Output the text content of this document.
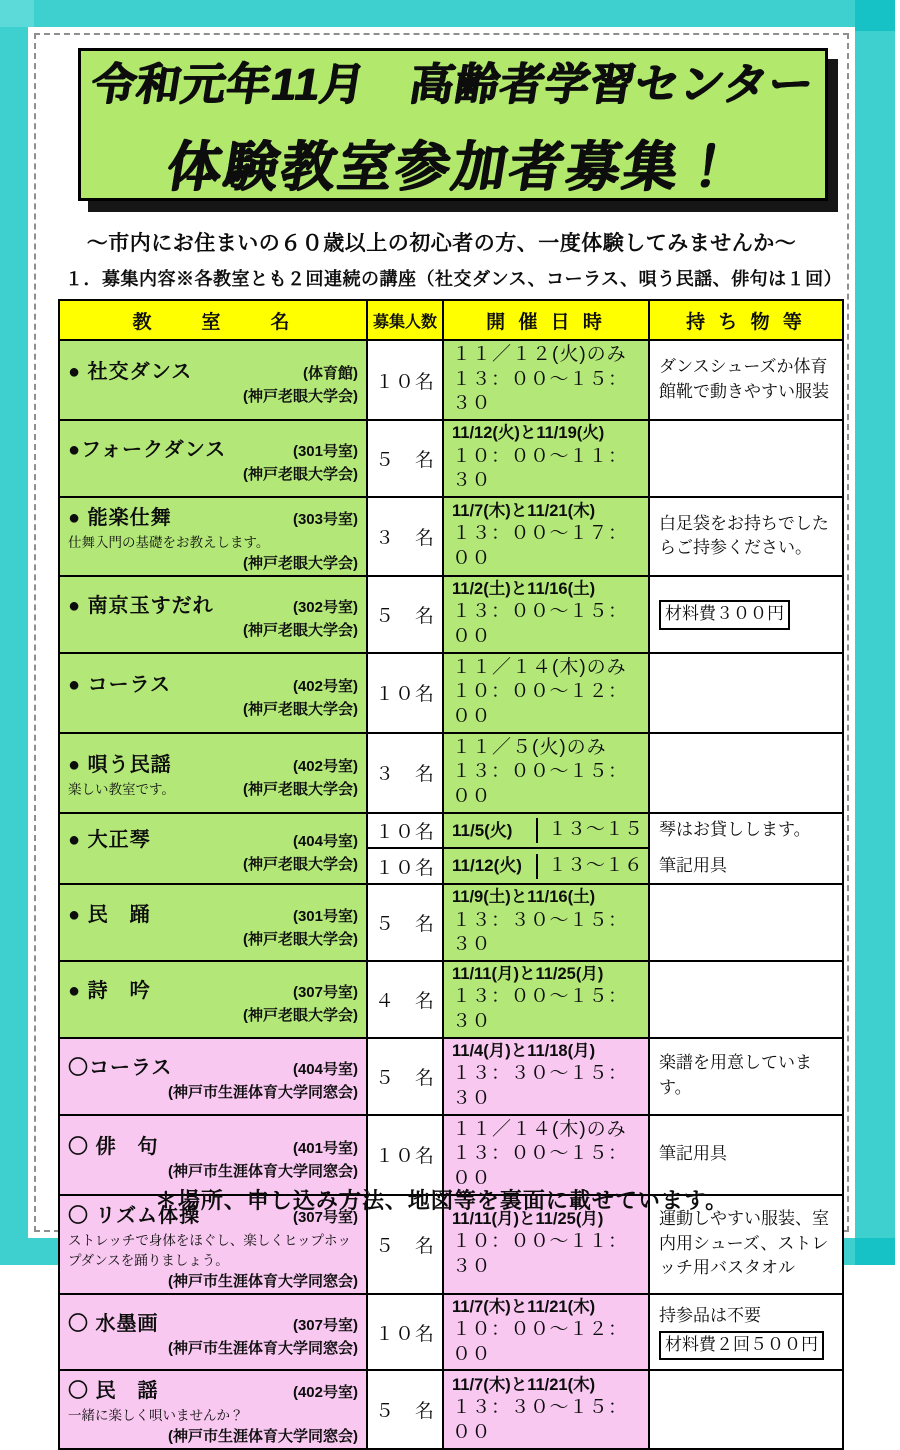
令和元年11月　高齢者学習センター
体験教室参加者募集！
～市内にお住まいの６０歳以上の初心者の方、一度体験してみませんか～
１．募集内容※各教室とも２回連続の講座（社交ダンス、コーラス、唄う民謡、俳句は１回）
教　　室　　名	募集人数	開 催 日 時	持 ち 物 等

● 社交ダンス	(体育館)
(神戸老眼大学会)
	１０名	
１１／１２(火)のみ
１３：００～１５：３０
	ダンスシューズか体育館靴で動きやすい服装

●フォークダンス	(301号室)
(神戸老眼大学会)
	５　名	
11/12(火)と11/19(火)
１０：００～１１：３０

● 能楽仕舞	(303号室)
仕舞入門の基礎をお教えします。
(神戸老眼大学会)
	３　名	
11/7(木)と11/21(木)
１３：００～１７：００
	白足袋をお持ちでしたらご持参ください。

● 南京玉すだれ	(302号室)
(神戸老眼大学会)
	５　名	
11/2(土)と11/16(土)
１３：００～１５：００
	材料費３００円

● コーラス	(402号室)
(神戸老眼大学会)
	１０名	
１１／１４(木)のみ
１０：００～１２：００

● 唄う民謡	(402号室)
楽しい教室です。	(神戸老眼大学会)
	３　名	
１１／５(火)のみ
１３：００～１５：００

● 大正琴	(404号室)
(神戸老眼大学会)
	１０名	11/5(火)	１３～１５	琴はお貸しします。
筆記用具

	１０名	11/12(火) １３～１６	

● 民　踊	(301号室)
(神戸老眼大学会)
	５　名	
11/9(土)と11/16(土)
１３：３０～１５：３０

● 詩　吟	(307号室)
(神戸老眼大学会)
	４　名	
11/11(月)と11/25(月)
１３：００～１５：３０

〇コーラス	(404号室)
(神戸市生涯体育大学同窓会)
	５　名	
11/4(月)と11/18(月)
１３：３０～１５：３０
	楽譜を用意しています。

〇 俳　句	(401号室)
(神戸市生涯体育大学同窓会)
	１０名	
１１／１４(木)のみ
１３：００～１５：００
	筆記用具

〇 リズム体操	(307号室)
ストレッチで身体をほぐし、楽しくヒップホップダンスを踊りましょう。
(神戸市生涯体育大学同窓会)
	５　名	
11/11(月)と11/25(月)
１０：００～１１：３０
	運動しやすい服装、室内用シューズ、ストレッチ用バスタオル

〇 水墨画	(307号室)
(神戸市生涯体育大学同窓会)
	１０名	
11/7(木)と11/21(木)
１０：００～１２：００
	持参品は不要
材料費２回５００円

〇 民　謡	(402号室)
一緒に楽しく唄いませんか？
(神戸市生涯体育大学同窓会)
	５　名	
11/7(木)と11/21(木)
１３：３０～１５：００

＊場所、申し込み方法、地図等を裏面に載せています。
